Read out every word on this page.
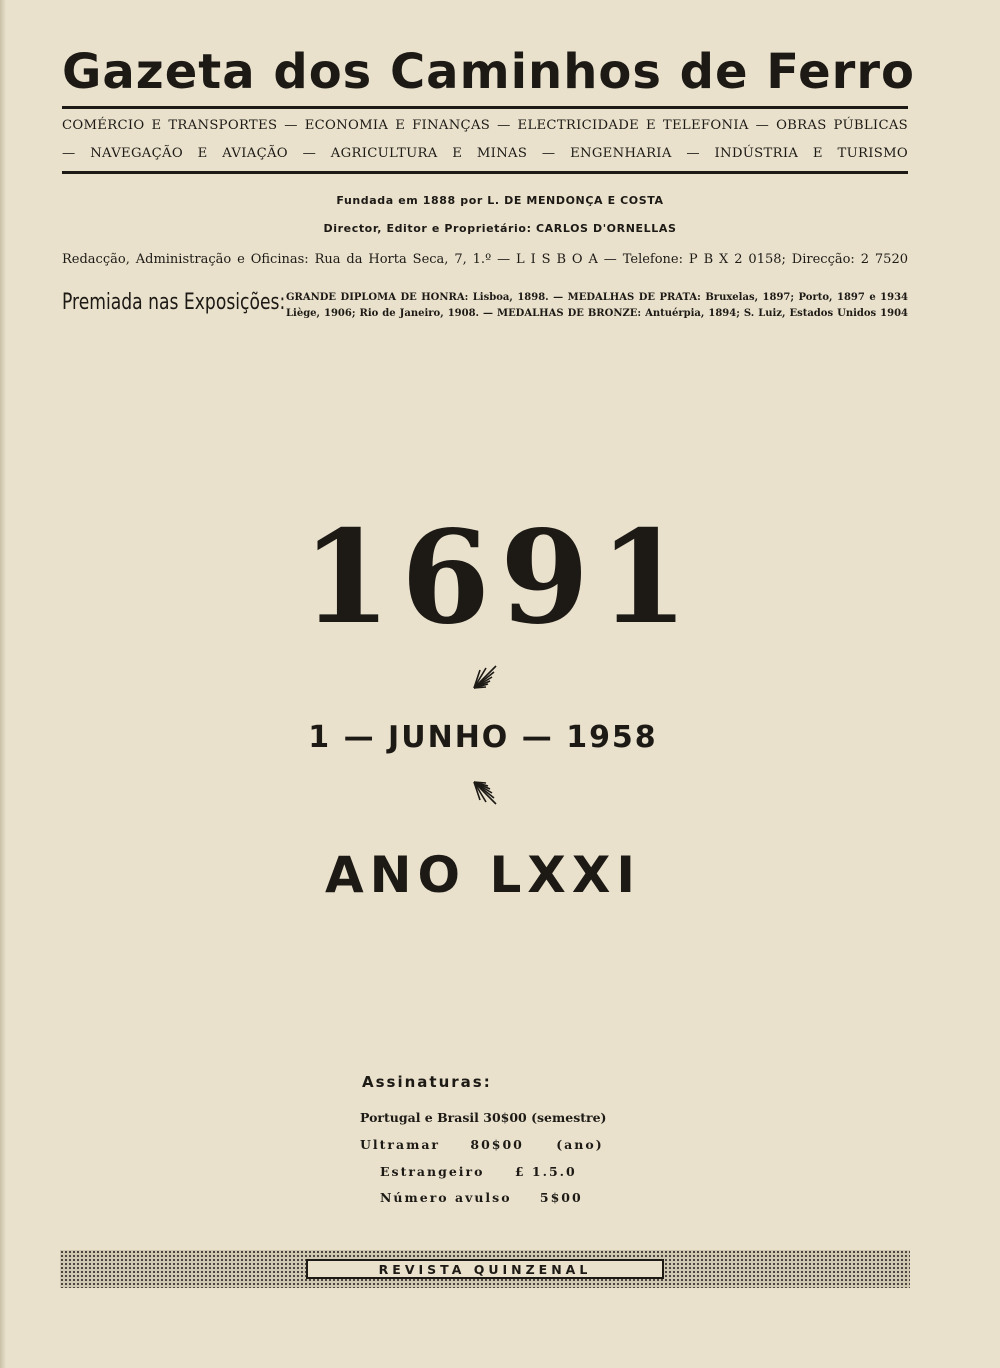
Gazeta dos Caminhos de Ferro
COMÉRCIO E TRANSPORTES — ECONOMIA E FINANÇAS — ELECTRICIDADE E TELEFONIA — OBRAS PÚBLICAS
— NAVEGAÇÃO E AVIAÇÃO — AGRICULTURA E MINAS — ENGENHARIA — INDÚSTRIA E TURISMO
Fundada em 1888 por L. DE MENDONÇA E COSTA
Director, Editor e Proprietário: CARLOS D'ORNELLAS
Redacção, Administração e Oficinas: Rua da Horta Seca, 7, 1.º — L I S B O A — Telefone: P B X 2 0158; Direcção: 2 7520
Premiada nas Exposições: GRANDE DIPLOMA DE HONRA: Lisboa, 1898. — MEDALHAS DE PRATA: Bruxelas, 1897; Porto, 1897 e 1934
Liège, 1906; Rio de Janeiro, 1908. — MEDALHAS DE BRONZE: Antuérpia, 1894; S. Luiz, Estados Unidos 1904
1691
1 — JUNHO — 1958
ANO LXXI
Assinaturas:
Portugal e Brasil 30$00 (semestre)
Ultramar 80$00	(ano)
Estrangeiro £ 1.5.0
Número avulso 5$00
REVISTA QUINZENAL
